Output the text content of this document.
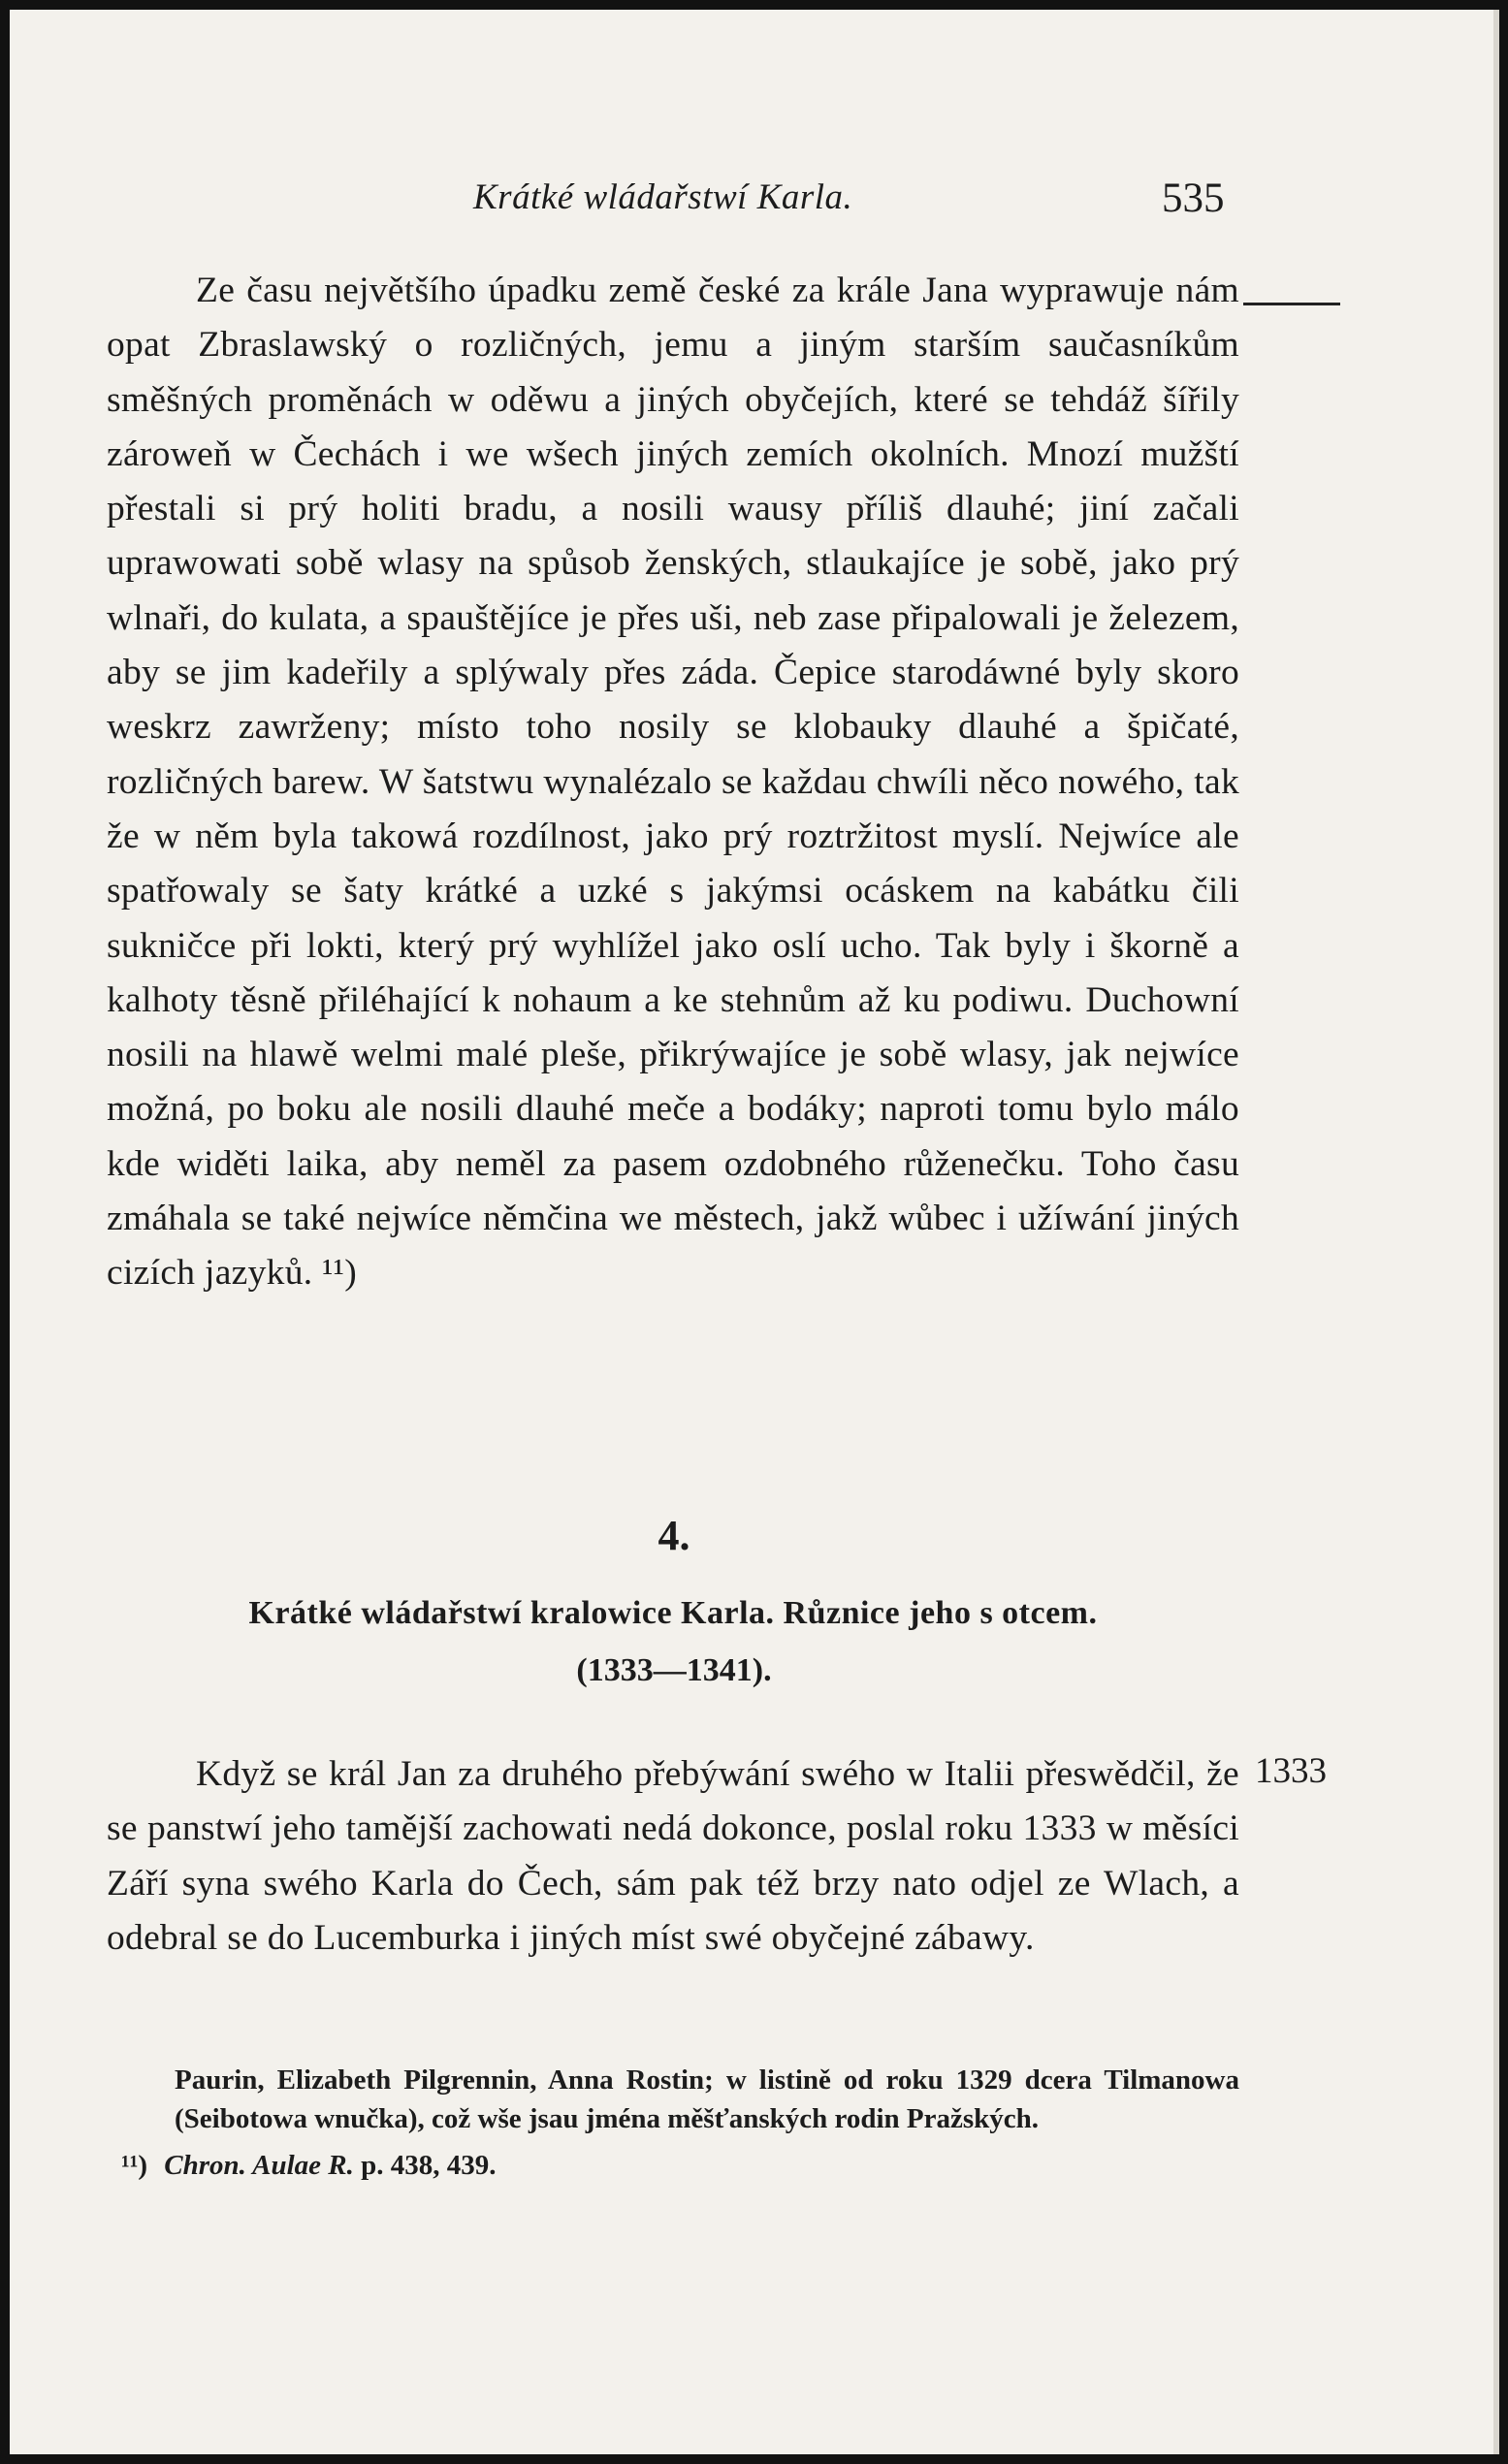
Krátké wládařstwí Karla.	535

Ze času největšího úpadku země české za krále Jana wyprawuje nám opat Zbraslawský o rozličných, jemu a jiným starším saučasníkům směšných proměnách w oděwu a jiných obyčejích, které se tehdáž šířily zároweň w Čechách i we wšech jiných zemích okolních. Mnozí mužští přestali si prý holiti bradu, a nosili wausy příliš dlauhé; jiní začali uprawowati sobě wlasy na spůsob ženských, stlaukajíce je sobě, jako prý wlnaři, do kulata, a spauštějíce je přes uši, neb zase připalowali je železem, aby se jim kadeřily a splýwaly přes záda. Čepice starodáwné byly skoro weskrz zawrženy; místo toho nosily se klobauky dlauhé a špičaté, rozličných barew. W šatstwu wynalézalo se každau chwíli něco nowého, tak že w něm byla takowá rozdílnost, jako prý roztržitost myslí. Nejwíce ale spatřowaly se šaty krátké a uzké s jakýmsi ocáskem na kabátku čili sukničce při lokti, který prý wyhlížel jako oslí ucho. Tak byly i škorně a kalhoty těsně přiléhající k nohaum a ke stehnům až ku podiwu. Duchowní nosili na hlawě welmi malé pleše, přikrýwajíce je sobě wlasy, jak nejwíce možná, po boku ale nosili dlauhé meče a bodáky; naproti tomu bylo málo kde widěti laika, aby neměl za pasem ozdobného růženečku. Toho času zmáhala se také nejwíce němčina we městech, jakž wůbec i užíwání jiných cizích jazyků. ¹¹)

4.
Krátké wládařstwí kralowice Karla. Různice jeho s otcem.
(1333—1341).

Když se král Jan za druhého přebýwání swého w Italii přeswědčil, že se panstwí jeho tamější zachowati nedá dokonce, poslal roku 1333 w měsíci Září syna swého Karla do Čech, sám pak též brzy nato odjel ze Wlach, a odebral se do Lucemburka i jiných míst swé obyčejné zábawy.

1333

Paurin, Elizabeth Pilgrennin, Anna Rostin; w listině od roku 1329 dcera Tilmanowa (Seibotowa wnučka), což wše jsau jména měšťanských rodin Pražských.

¹¹) Chron. Aulae R. p. 438, 439.
